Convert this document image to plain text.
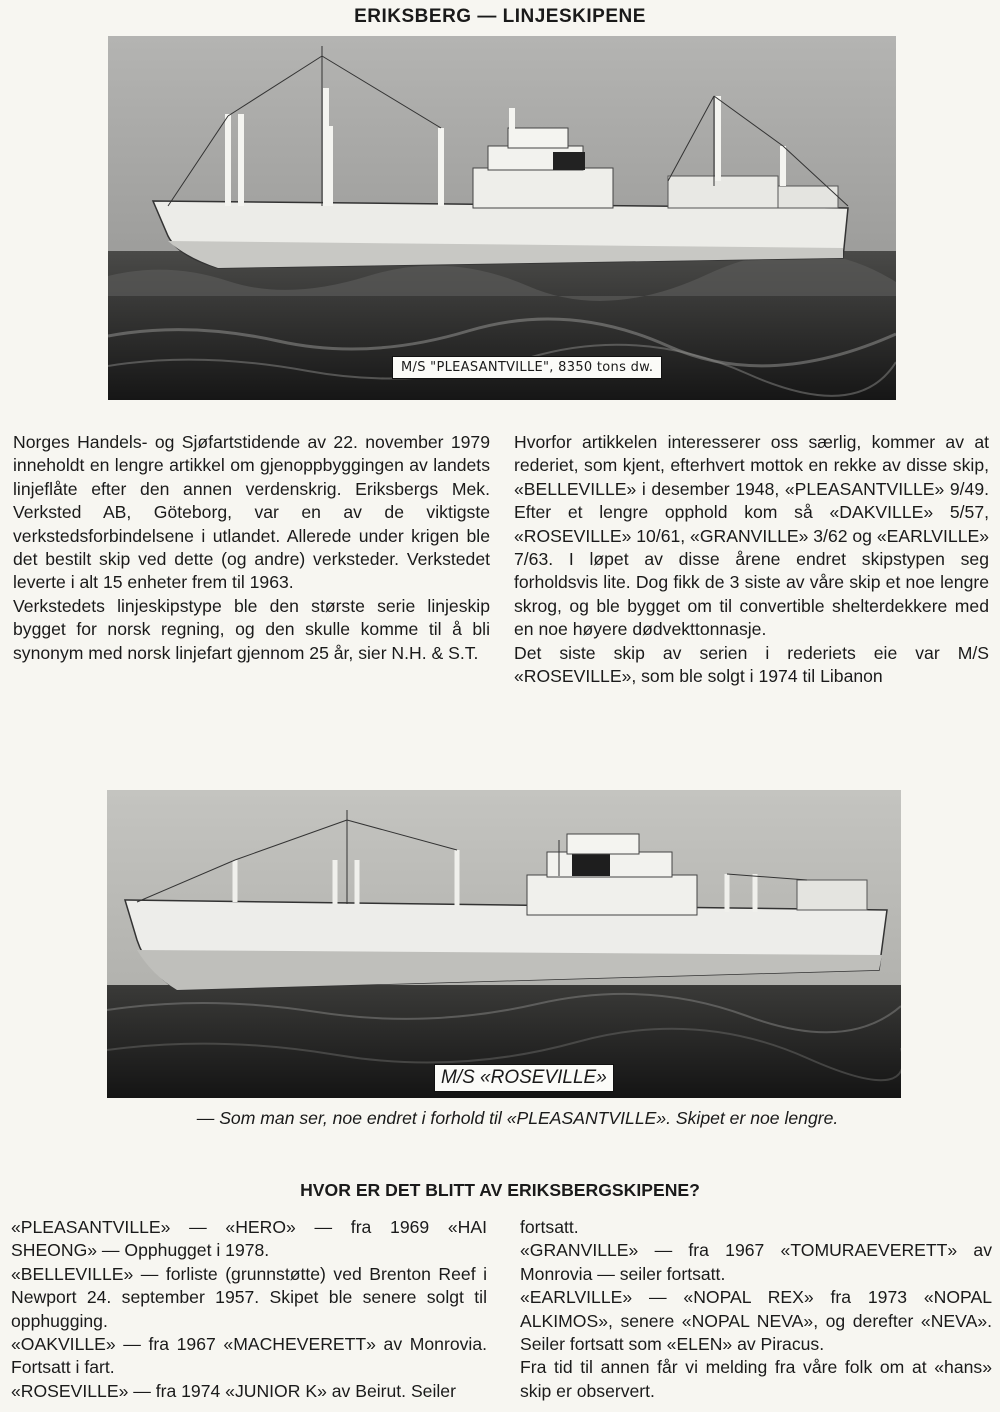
ERIKSBERG — LINJESKIPENE
M/S "PLEASANTVILLE", 8350 tons dw.

Norges Handels- og Sjøfartstidende av 22. november 1979 inneholdt en lengre artikkel om gjenoppbyggingen av landets linjeflåte efter den annen verdenskrig. Eriksbergs Mek. Verksted AB, Göteborg, var en av de viktigste verkstedsforbindelsene i utlandet. Allerede under krigen ble det bestilt skip ved dette (og andre) verksteder. Verkstedet leverte i alt 15 enheter frem til 1963.

Verkstedets linjeskipstype ble den største serie linjeskip bygget for norsk regning, og den skulle komme til å bli synonym med norsk linjefart gjennom 25 år, sier N.H. & S.T.

Hvorfor artikkelen interesserer oss særlig, kommer av at rederiet, som kjent, efterhvert mottok en rekke av disse skip, «BELLEVILLE» i desember 1948, «PLEASANTVILLE» 9/49. Efter et lengre opphold kom så «DAKVILLE» 5/57, «ROSEVILLE» 10/61, «GRANVILLE» 3/62 og «EARLVILLE» 7/63. I løpet av disse årene endret skipstypen seg forholdsvis lite. Dog fikk de 3 siste av våre skip et noe lengre skrog, og ble bygget om til convertible shelterdekkere med en noe høyere dødvekttonnasje.

Det siste skip av serien i rederiets eie var M/S «ROSEVILLE», som ble solgt i 1974 til Libanon

M/S «ROSEVILLE»
— Som man ser, noe endret i forhold til «PLEASANTVILLE». Skipet er noe lengre.
HVOR ER DET BLITT AV ERIKSBERGSKIPENE?

«PLEASANTVILLE» — «HERO» — fra 1969 «HAI SHEONG» — Opphugget i 1978.

«BELLEVILLE» — forliste (grunnstøtte) ved Brenton Reef i Newport 24. september 1957. Skipet ble senere solgt til opphugging.

«OAKVILLE» — fra 1967 «MACHEVERETT» av Monrovia. Fortsatt i fart.

«ROSEVILLE» — fra 1974 «JUNIOR K» av Beirut. Seiler

fortsatt.

«GRANVILLE» — fra 1967 «TOMURAEVERETT» av Monrovia — seiler fortsatt.

«EARLVILLE» — «NOPAL REX» fra 1973 «NOPAL ALKIMOS», senere «NOPAL NEVA», og derefter «NEVA». Seiler fortsatt som «ELEN» av Piracus.

Fra tid til annen får vi melding fra våre folk om at «hans» skip er observert.
